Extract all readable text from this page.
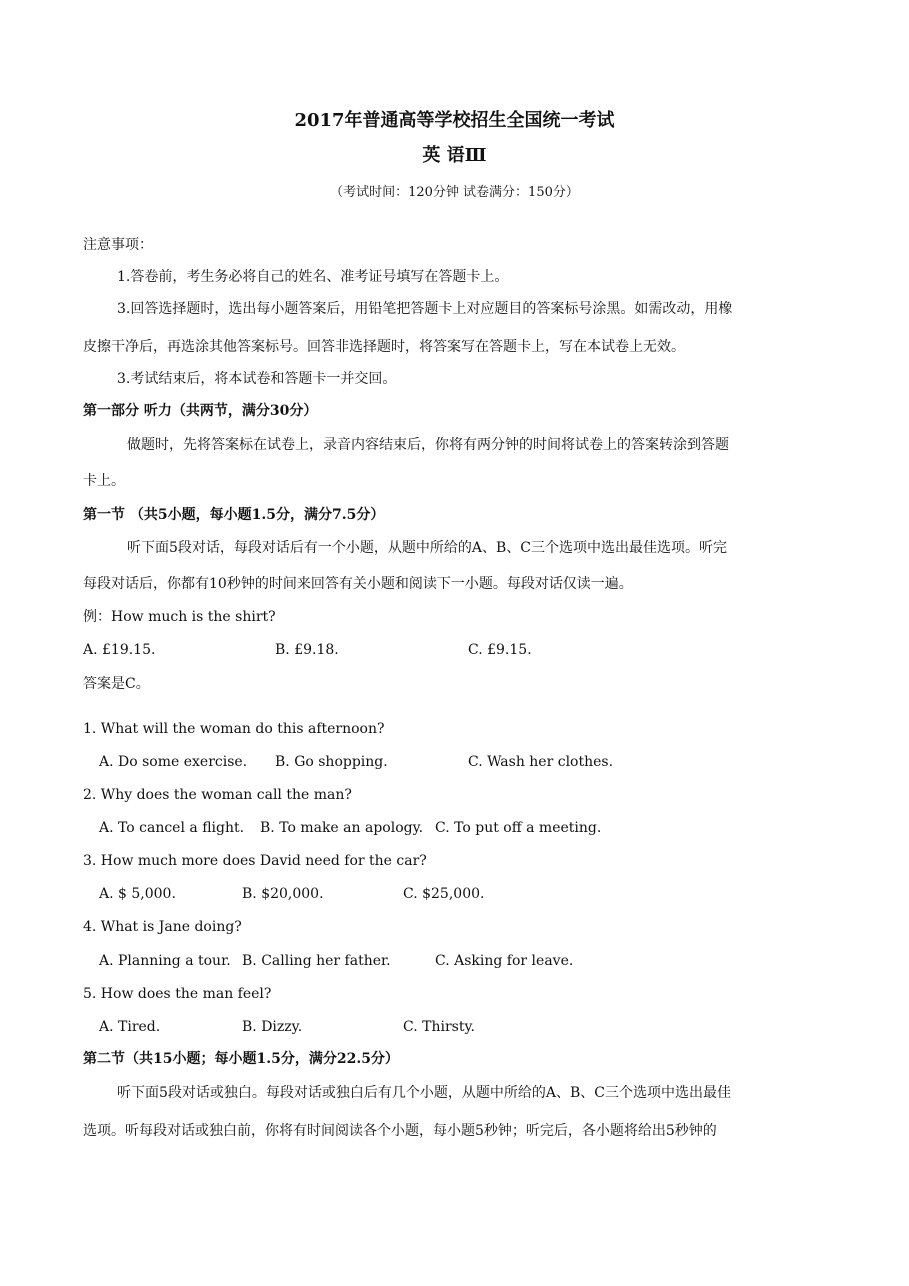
2017年普通高等学校招生全国统一考试
英 语Ⅲ
（考试时间：120分钟 试卷满分：150分）
注意事项：
1.答卷前，考生务必将自己的姓名、准考证号填写在答题卡上。
3.回答选择题时，选出每小题答案后，用铅笔把答题卡上对应题目的答案标号涂黑。如需改动，用橡
皮擦干净后，再选涂其他答案标号。回答非选择题时，将答案写在答题卡上，写在本试卷上无效。
3.考试结束后，将本试卷和答题卡一并交回。
第一部分 听力（共两节，满分30分）
做题时，先将答案标在试卷上，录音内容结束后，你将有两分钟的时间将试卷上的答案转涂到答题
卡上。
第一节 （共5小题，每小题1.5分，满分7.5分）
听下面5段对话，每段对话后有一个小题，从题中所给的A、B、C三个选项中选出最佳选项。听完
每段对话后，你都有10秒钟的时间来回答有关小题和阅读下一小题。每段对话仅读一遍。
例：How much is the shirt?
A. £19.15.	B. £9.18.	C. £9.15.
答案是C。
1. What will the woman do this afternoon?
A. Do some exercise. B. Go shopping.	C. Wash her clothes.
2. Why does the woman call the man?
A. To cancel a flight. B. To make an apology. C. To put off a meeting.
3. How much more does David need for the car?
A. $ 5,000.	B. $20,000.	C. $25,000.
4. What is Jane doing?
A. Planning a tour. B. Calling her father.	C. Asking for leave.
5. How does the man feel?
A. Tired.	B. Dizzy.	C. Thirsty.
第二节（共15小题；每小题1.5分，满分22.5分）
听下面5段对话或独白。每段对话或独白后有几个小题，从题中所给的A、B、C三个选项中选出最佳
选项。听每段对话或独白前，你将有时间阅读各个小题，每小题5秒钟；听完后，各小题将给出5秒钟的
